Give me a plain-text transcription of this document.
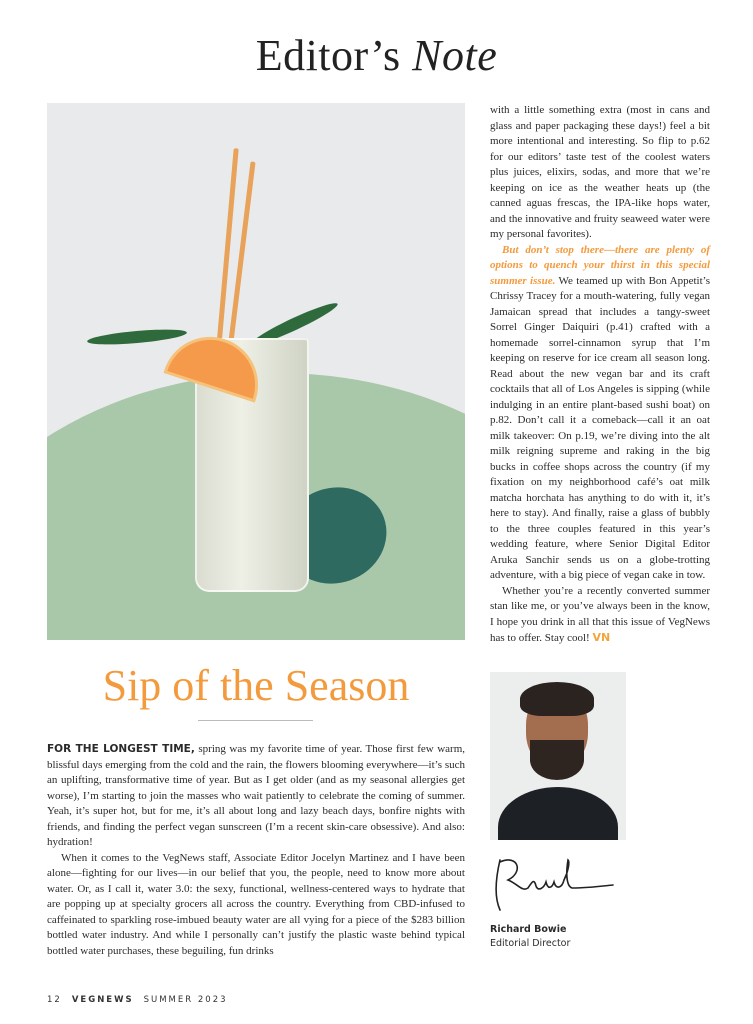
Editor’s Note

with a little something extra (most in cans and glass and paper packaging these days!) feel a bit more intentional and interesting. So flip to p.62 for our editors’ taste test of the coolest waters plus juices, elixirs, sodas, and more that we’re keeping on ice as the weather heats up (the canned aguas frescas, the IPA-like hops water, and the innovative and fruity seaweed water were my personal favorites).

But don’t stop there—there are plenty of options to quench your thirst in this special summer issue. We teamed up with Bon Appetit’s Chrissy Tracey for a mouth-watering, fully vegan Jamaican spread that includes a tangy-sweet Sorrel Ginger Daiquiri (p.41) crafted with a homemade sorrel-cinnamon syrup that I’m keeping on reserve for ice cream all season long. Read about the new vegan bar and its craft cocktails that all of Los Angeles is sipping (while indulging in an entire plant-based sushi boat) on p.82. Don’t call it a comeback—call it an oat milk takeover: On p.19, we’re diving into the alt milk reigning supreme and raking in the big bucks in coffee shops across the country (if my fixation on my neighborhood café’s oat milk matcha horchata has anything to do with it, it’s here to stay). And finally, raise a glass of bubbly to the three couples featured in this year’s wedding feature, where Senior Digital Editor Aruka Sanchir sends us on a globe-trotting adventure, with a big piece of vegan cake in tow.

Whether you’re a recently converted summer stan like me, or you’ve always been in the know, I hope you drink in all that this issue of VegNews has to offer. Stay cool! VN

Sip of the Season

FOR THE LONGEST TIME, spring was my favorite time of year. Those first few warm, blissful days emerging from the cold and the rain, the flowers blooming everywhere—it’s such an uplifting, transformative time of year. But as I get older (and as my seasonal allergies get worse), I’m starting to join the masses who wait patiently to celebrate the coming of summer. Yeah, it’s super hot, but for me, it’s all about long and lazy beach days, bonfire nights with friends, and finding the perfect vegan sunscreen (I’m a recent skin-care obsessive). And also: hydration!

When it comes to the VegNews staff, Associate Editor Jocelyn Martinez and I have been alone—fighting for our lives—in our belief that you, the people, need to know more about water. Or, as I call it, water 3.0: the sexy, functional, wellness-centered ways to hydrate that are popping up at specialty grocers all across the country. Everything from CBD-infused to caffeinated to sparkling rose-imbued beauty water are all vying for a piece of the $283 billion bottled water industry. And while I personally can’t justify the plastic waste behind typical bottled water purchases, these beguiling, fun drinks

Richard Bowie
Editorial Director
12 VEGNEWS SUMMER 2023
